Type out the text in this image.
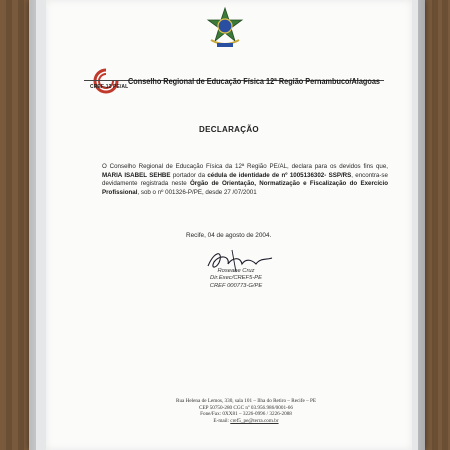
CREF-12 PE/AL
Conselho Regional de Educação Física 12ª Região Pernambuco/Alagoas
DECLARAÇÃO
O Conselho Regional de Educação Física da 12ª Região PE/AL, declara para os devidos fins que, MARIA ISABEL SEHBE portador da cédula de identidade de nº 1005136302- SSP/RS, encontra-se devidamente registrada neste Órgão de Orientação, Normatização e Fiscalização do Exercício Profissional, sob o nº 001326-P/PE, desde 27 /07/2001
Recife, 04 de agosto de 2004.
Roseane Cruz
Dir.Exec/CREF5-PE
CREF 000773-G/PE
Rua Helena de Lemos, 330, sala 101 – Ilha do Retiro – Recife – PE
CEP 50750-280 CGC nº 03.956.986/0001-66
Fone/Fax: 0XX81 – 3226-0996 / 3226-2088
E-mail: cref5_pe@terra.com.br
